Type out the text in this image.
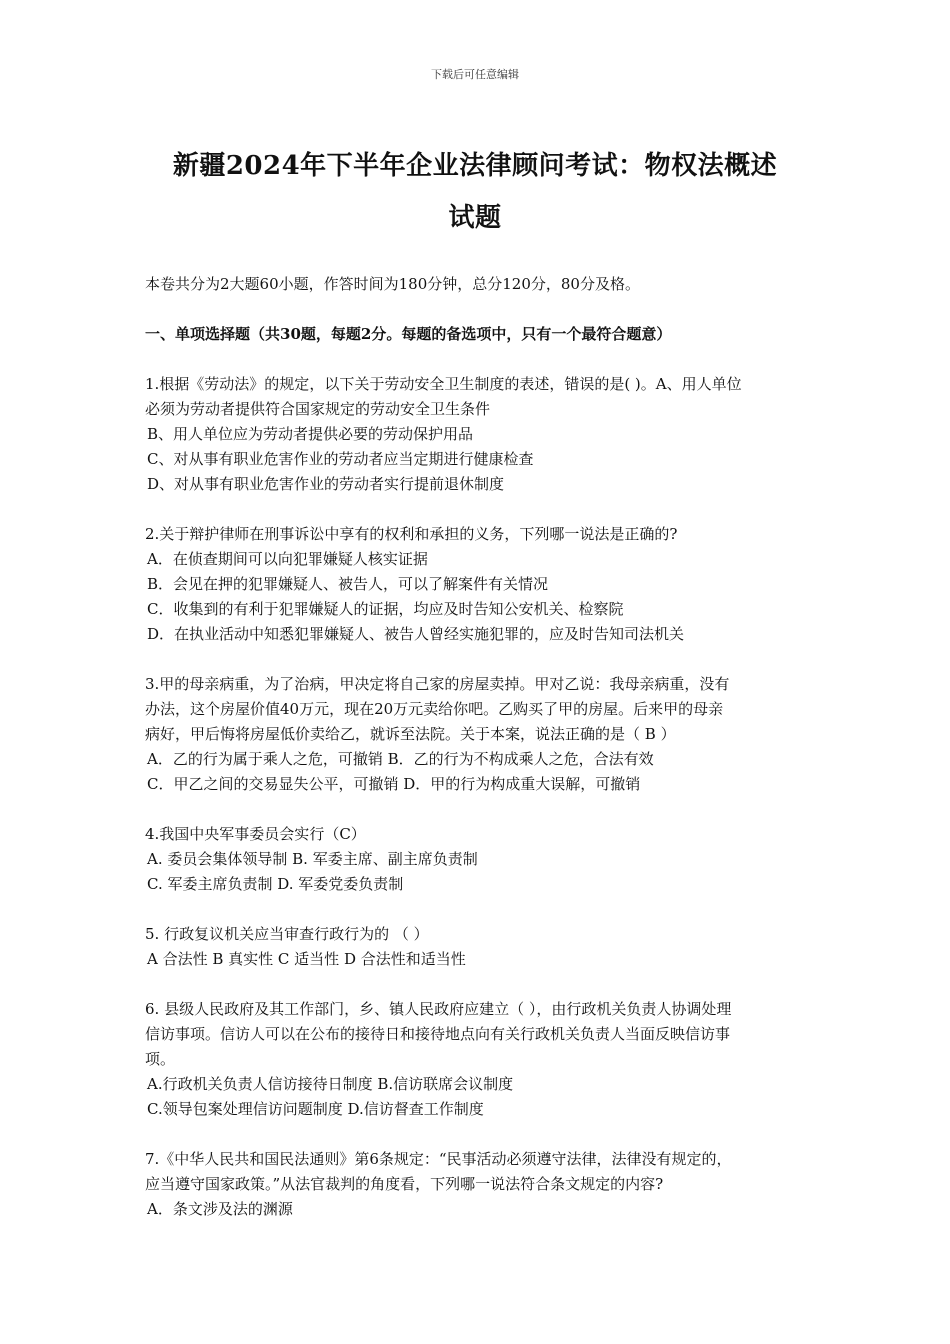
下载后可任意编辑
新疆2024年下半年企业法律顾问考试：物权法概述
试题

本卷共分为2大题60小题，作答时间为180分钟，总分120分，80分及格。

一、单项选择题（共30题，每题2分。每题的备选项中，只有一个最符合题意）

1.根据《劳动法》的规定，以下关于劳动安全卫生制度的表述，错误的是( )。A、用人单位

必须为劳动者提供符合国家规定的劳动安全卫生条件

B、用人单位应为劳动者提供必要的劳动保护用品

C、对从事有职业危害作业的劳动者应当定期进行健康检查

D、对从事有职业危害作业的劳动者实行提前退休制度

2.关于辩护律师在刑事诉讼中享有的权利和承担的义务，下列哪一说法是正确的?

A．在侦查期间可以向犯罪嫌疑人核实证据

B．会见在押的犯罪嫌疑人、被告人，可以了解案件有关情况

C．收集到的有利于犯罪嫌疑人的证据，均应及时告知公安机关、检察院

D．在执业活动中知悉犯罪嫌疑人、被告人曾经实施犯罪的，应及时告知司法机关

3.甲的母亲病重，为了治病，甲决定将自己家的房屋卖掉。甲对乙说：我母亲病重，没有

办法，这个房屋价值40万元，现在20万元卖给你吧。乙购买了甲的房屋。后来甲的母亲

病好，甲后悔将房屋低价卖给乙，就诉至法院。关于本案，说法正确的是（ B ）

A．乙的行为属于乘人之危，可撤销 B．乙的行为不构成乘人之危，合法有效

C．甲乙之间的交易显失公平，可撤销 D．甲的行为构成重大误解，可撤销

4.我国中央军事委员会实行（C）

A. 委员会集体领导制 B. 军委主席、副主席负责制

C. 军委主席负责制 D. 军委党委负责制

5. 行政复议机关应当审查行政行为的 （ ）

A 合法性 B 真实性 C 适当性 D 合法性和适当性

6. 县级人民政府及其工作部门，乡、镇人民政府应建立（ ），由行政机关负责人协调处理

信访事项。信访人可以在公布的接待日和接待地点向有关行政机关负责人当面反映信访事

项。

A.行政机关负责人信访接待日制度 B.信访联席会议制度

C.领导包案处理信访问题制度 D.信访督查工作制度

7.《中华人民共和国民法通则》第6条规定：“民事活动必须遵守法律，法律没有规定的，

应当遵守国家政策。”从法官裁判的角度看，下列哪一说法符合条文规定的内容?

A．条文涉及法的渊源
